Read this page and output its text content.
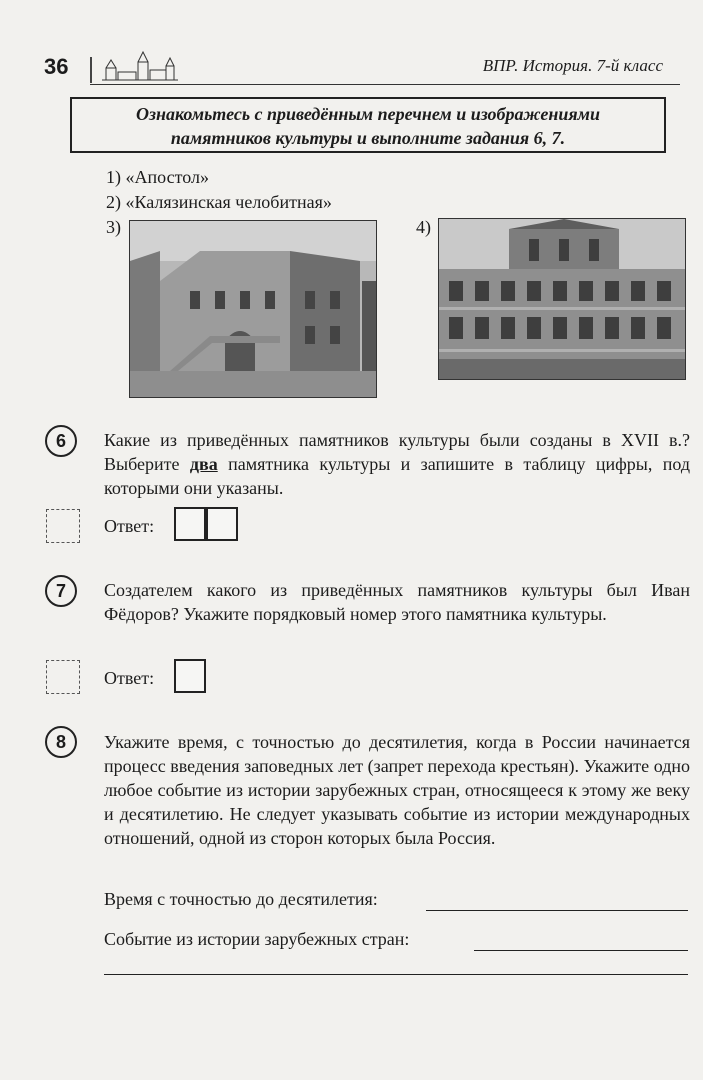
36	ВПР. История. 7-й класс
Ознакомьтесь с приведённым перечнем и изображениями
памятников культуры и выполните задания 6, 7.
1) «Апостол»
2) «Калязинская челобитная»
3)	4)
6	Какие из приведённых памятников культуры были созданы в XVII в.? Выберите два памятника культуры и запишите в таблицу цифры, под которыми они указаны.
Ответ:
7	Создателем какого из приведённых памятников культуры был Иван Фёдоров? Укажите порядковый номер этого памятника культуры.
Ответ:
8	Укажите время, с точностью до десятилетия, когда в России начинается процесс введения заповедных лет (запрет перехода крестьян). Укажите одно любое событие из истории зарубежных стран, относящееся к этому же веку и десятилетию. Не следует указывать событие из истории международных отношений, одной из сторон которых была Россия.
Время с точностью до десятилетия:
Событие из истории зарубежных стран:
